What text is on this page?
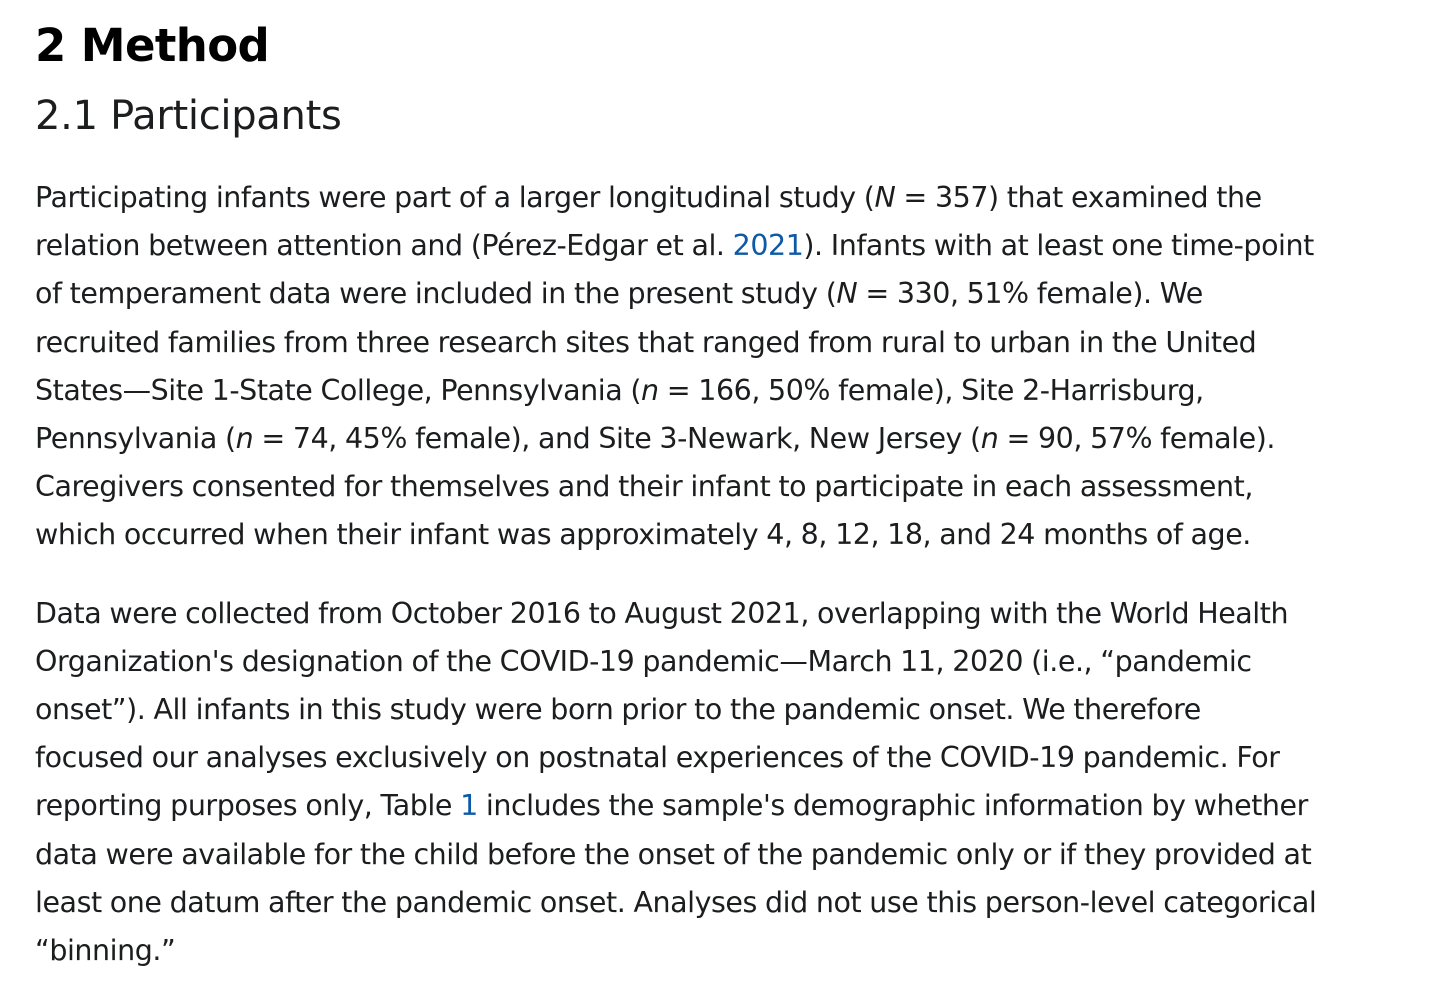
2 Method
2.1 Participants

Participating infants were part of a larger longitudinal study (N = 357) that examined the
relation between attention and (Pérez-Edgar et al. 2021). Infants with at least one time-point
of temperament data were included in the present study (N = 330, 51% female). We
recruited families from three research sites that ranged from rural to urban in the United
States—Site 1-State College, Pennsylvania (n = 166, 50% female), Site 2-Harrisburg,
Pennsylvania (n = 74, 45% female), and Site 3-Newark, New Jersey (n = 90, 57% female).
Caregivers consented for themselves and their infant to participate in each assessment,
which occurred when their infant was approximately 4, 8, 12, 18, and 24 months of age.

Data were collected from October 2016 to August 2021, overlapping with the World Health
Organization's designation of the COVID-19 pandemic—March 11, 2020 (i.e., “pandemic
onset”). All infants in this study were born prior to the pandemic onset. We therefore
focused our analyses exclusively on postnatal experiences of the COVID-19 pandemic. For
reporting purposes only, Table 1 includes the sample's demographic information by whether
data were available for the child before the onset of the pandemic only or if they provided at
least one datum after the pandemic onset. Analyses did not use this person-level categorical
“binning.”
